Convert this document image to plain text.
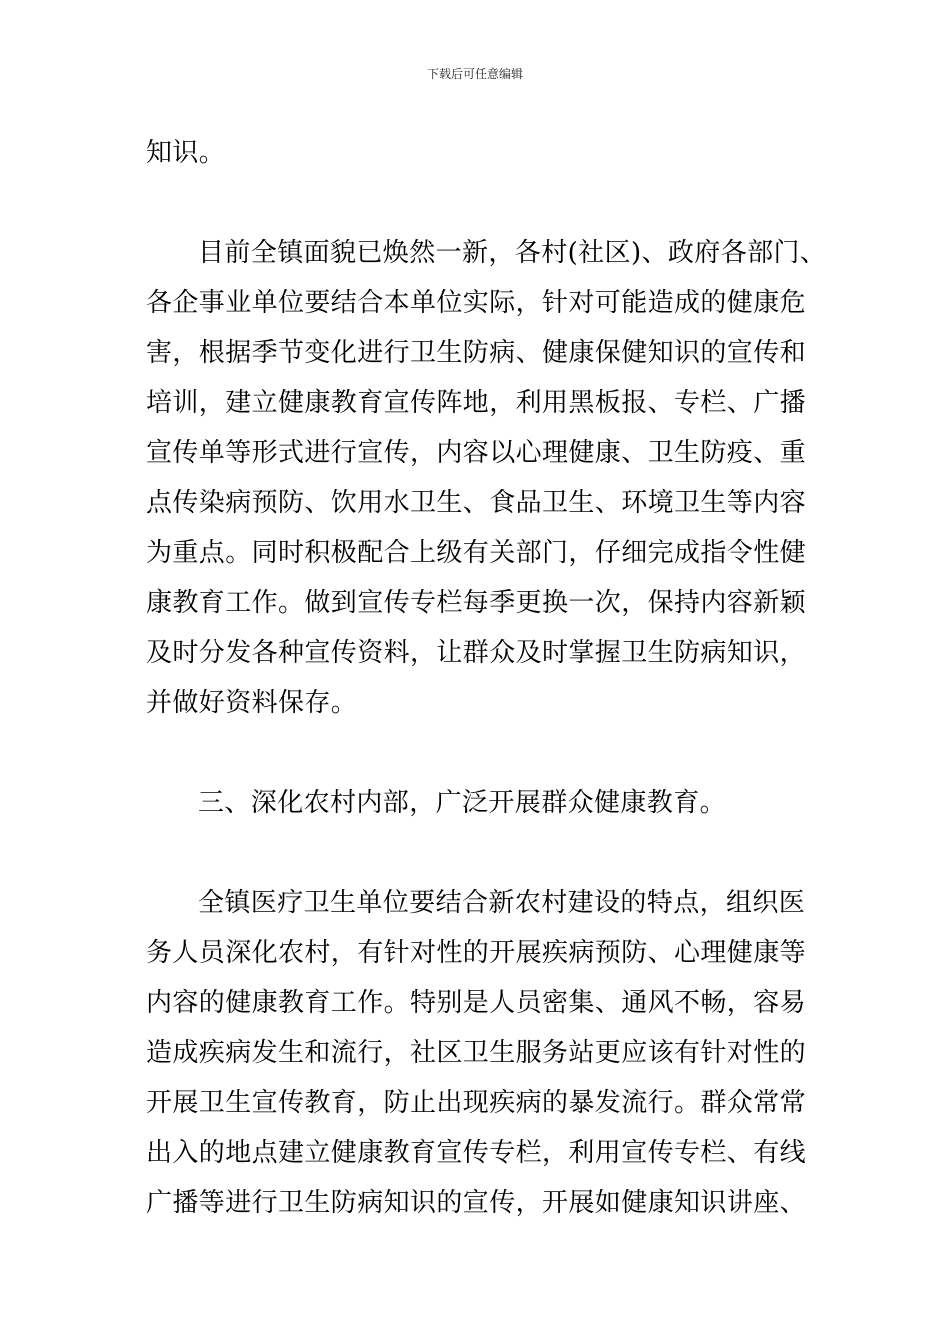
下载后可任意编辑
知识。
目前全镇面貌已焕然一新，各村(社区)、政府各部门、
各企事业单位要结合本单位实际，针对可能造成的健康危
害，根据季节变化进行卫生防病、健康保健知识的宣传和
培训，建立健康教育宣传阵地，利用黑板报、专栏、广播
宣传单等形式进行宣传，内容以心理健康、卫生防疫、重
点传染病预防、饮用水卫生、食品卫生、环境卫生等内容
为重点。同时积极配合上级有关部门，仔细完成指令性健
康教育工作。做到宣传专栏每季更换一次，保持内容新颖
及时分发各种宣传资料，让群众及时掌握卫生防病知识，
并做好资料保存。
三、深化农村内部，广泛开展群众健康教育。
全镇医疗卫生单位要结合新农村建设的特点，组织医
务人员深化农村，有针对性的开展疾病预防、心理健康等
内容的健康教育工作。特别是人员密集、通风不畅，容易
造成疾病发生和流行，社区卫生服务站更应该有针对性的
开展卫生宣传教育，防止出现疾病的暴发流行。群众常常
出入的地点建立健康教育宣传专栏，利用宣传专栏、有线
广播等进行卫生防病知识的宣传，开展如健康知识讲座、
